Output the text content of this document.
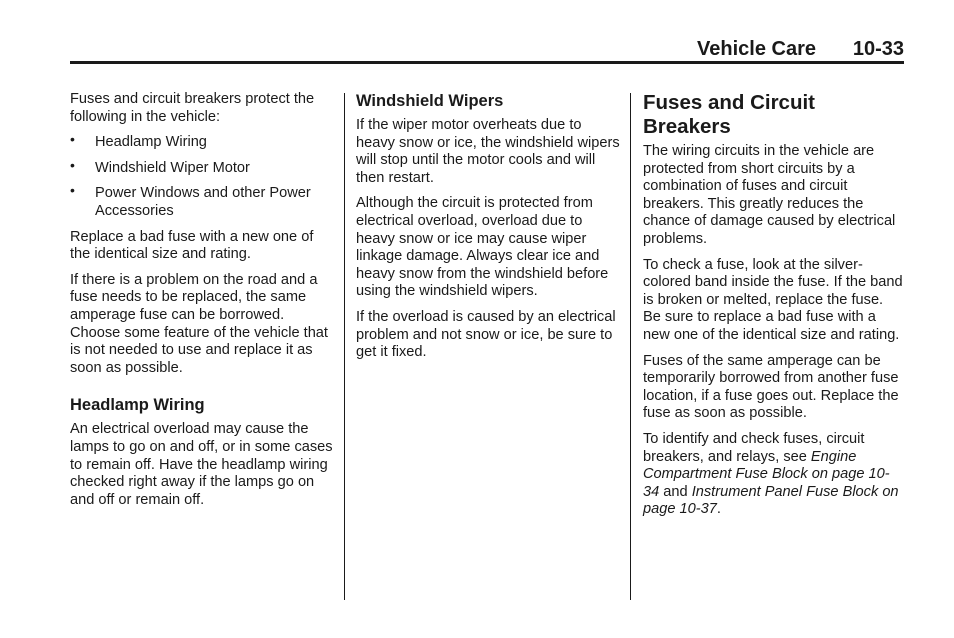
Vehicle Care 10-33

Fuses and circuit breakers protect the following in the vehicle:

• Headlamp Wiring
• Windshield Wiper Motor
• Power Windows and other Power Accessories

Replace a bad fuse with a new one of the identical size and rating.

If there is a problem on the road and a fuse needs to be replaced, the same amperage fuse can be borrowed. Choose some feature of the vehicle that is not needed to use and replace it as soon as possible.

Headlamp Wiring

An electrical overload may cause the lamps to go on and off, or in some cases to remain off. Have the headlamp wiring checked right away if the lamps go on and off or remain off.

Windshield Wipers

If the wiper motor overheats due to heavy snow or ice, the windshield wipers will stop until the motor cools and will then restart.

Although the circuit is protected from electrical overload, overload due to heavy snow or ice may cause wiper linkage damage. Always clear ice and heavy snow from the windshield before using the windshield wipers.

If the overload is caused by an electrical problem and not snow or ice, be sure to get it fixed.

Fuses and Circuit Breakers

The wiring circuits in the vehicle are protected from short circuits by a combination of fuses and circuit breakers. This greatly reduces the chance of damage caused by electrical problems.

To check a fuse, look at the silver-colored band inside the fuse. If the band is broken or melted, replace the fuse. Be sure to replace a bad fuse with a new one of the identical size and rating.

Fuses of the same amperage can be temporarily borrowed from another fuse location, if a fuse goes out. Replace the fuse as soon as possible.

To identify and check fuses, circuit breakers, and relays, see Engine Compartment Fuse Block on page 10-34 and Instrument Panel Fuse Block on page 10-37.
